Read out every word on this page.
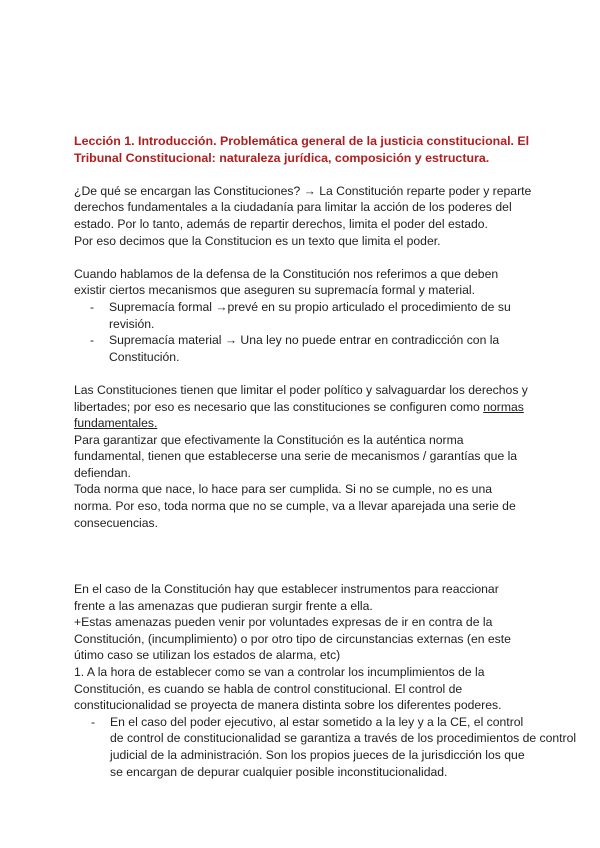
Lección 1. Introducción. Problemática general de la justicia constitucional. El
Tribunal Constitucional: naturaleza jurídica, composición y estructura.
¿De qué se encargan las Constituciones? → La Constitución reparte poder y reparte
derechos fundamentales a la ciudadanía para limitar la acción de los poderes del
estado. Por lo tanto, además de repartir derechos, limita el poder del estado.
Por eso decimos que la Constitucion es un texto que limita el poder.
Cuando hablamos de la defensa de la Constitución nos referimos a que deben
existir ciertos mecanismos que aseguren su supremacía formal y material.
- Supremacía formal →prevé en su propio articulado el procedimiento de su
revisión.
- Supremacía material → Una ley no puede entrar en contradicción con la
Constitución.
Las Constituciones tienen que limitar el poder político y salvaguardar los derechos y
libertades; por eso es necesario que las constituciones se configuren como normas
fundamentales.
Para garantizar que efectivamente la Constitución es la auténtica norma
fundamental, tienen que establecerse una serie de mecanismos / garantías que la
defiendan.
Toda norma que nace, lo hace para ser cumplida. Si no se cumple, no es una
norma. Por eso, toda norma que no se cumple, va a llevar aparejada una serie de
consecuencias.
En el caso de la Constitución hay que establecer instrumentos para reaccionar
frente a las amenazas que pudieran surgir frente a ella.
+Estas amenazas pueden venir por voluntades expresas de ir en contra de la
Constitución, (incumplimiento) o por otro tipo de circunstancias externas (en este
útimo caso se utilizan los estados de alarma, etc)
1. A la hora de establecer como se van a controlar los incumplimientos de la
Constitución, es cuando se habla de control constitucional. El control de
constitucionalidad se proyecta de manera distinta sobre los diferentes poderes.
- En el caso del poder ejecutivo, al estar sometido a la ley y a la CE, el control
de control de constitucionalidad se garantiza a través de los procedimientos de control
judicial de la administración. Son los propios jueces de la jurisdicción los que
se encargan de depurar cualquier posible inconstitucionalidad.
